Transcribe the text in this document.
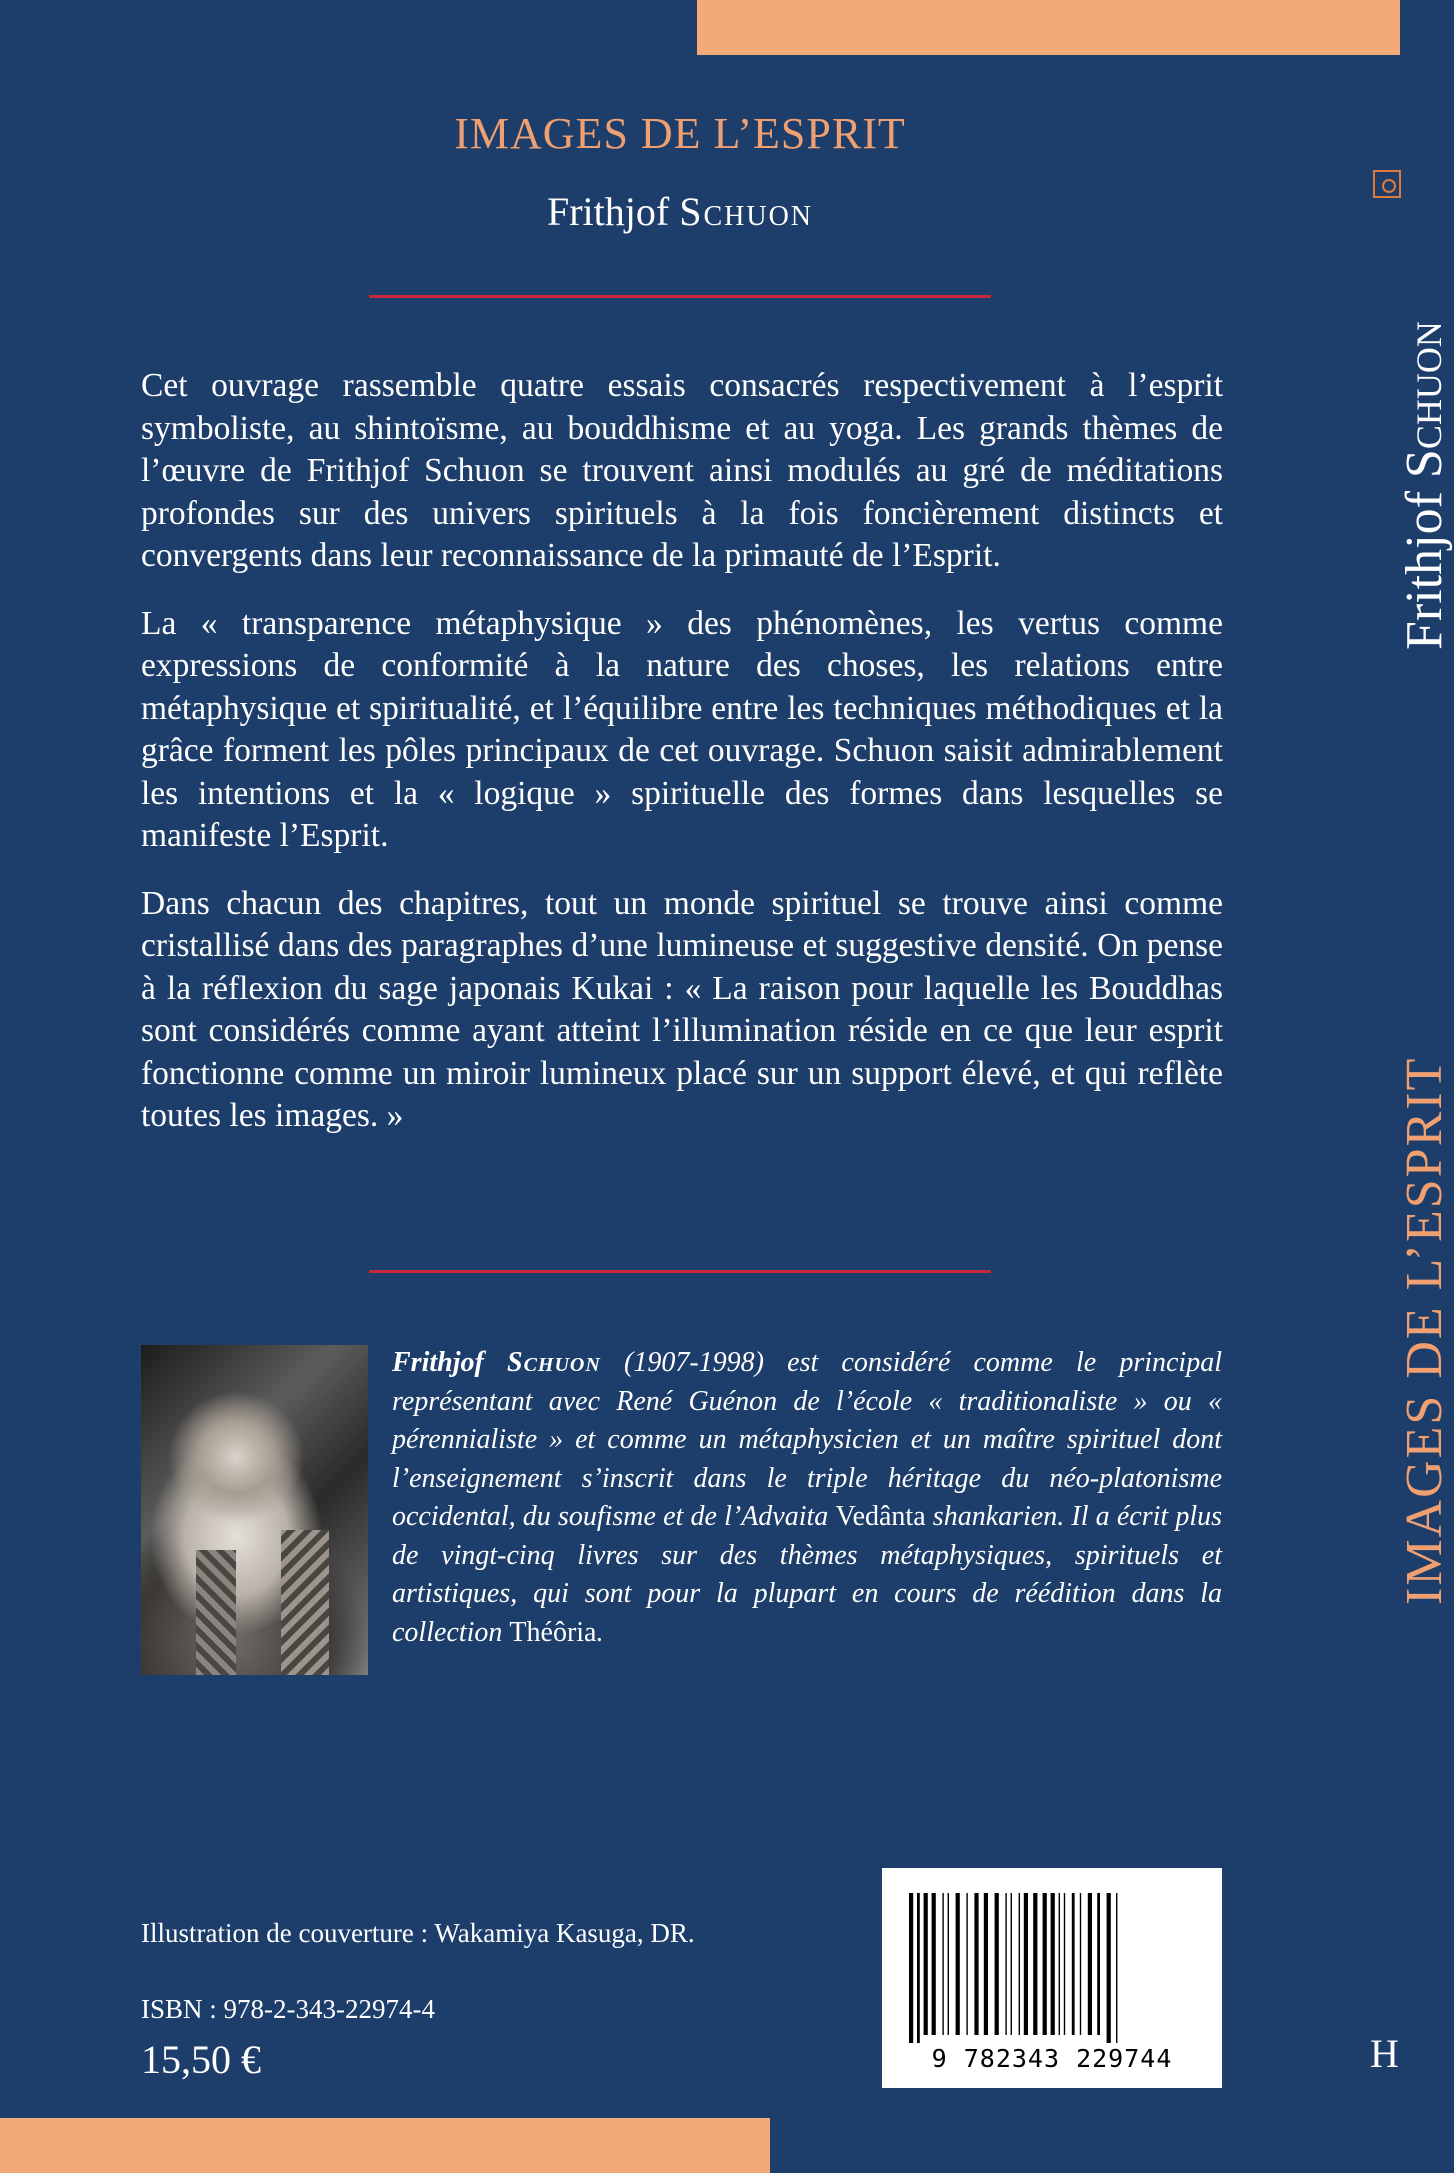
IMAGES DE L’ESPRIT
Frithjof Schuon

Cet ouvrage rassemble quatre essais consacrés respectivement à l’esprit symboliste, au shintoïsme, au bouddhisme et au yoga. Les grands thèmes de l’œuvre de Frithjof Schuon se trouvent ainsi modulés au gré de méditations profondes sur des univers spirituels à la fois foncièrement distincts et convergents dans leur reconnaissance de la primauté de l’Esprit.

La « transparence métaphysique » des phénomènes, les vertus comme expressions de conformité à la nature des choses, les relations entre métaphysique et spiritualité, et l’équilibre entre les techniques méthodiques et la grâce forment les pôles principaux de cet ouvrage. Schuon saisit admirablement les intentions et la « logique » spirituelle des formes dans lesquelles se manifeste l’Esprit.

Dans chacun des chapitres, tout un monde spirituel se trouve ainsi comme cristallisé dans des paragraphes d’une lumineuse et suggestive densité. On pense à la réflexion du sage japonais Kukai : « La raison pour laquelle les Bouddhas sont considérés comme ayant atteint l’illumination réside en ce que leur esprit fonctionne comme un miroir lumineux placé sur un support élevé, et qui reflète toutes les images. »

Frithjof Schuon (1907-1998) est considéré comme le principal représentant avec René Guénon de l’école « traditionaliste » ou « pérennialiste » et comme un métaphysicien et un maître spirituel dont l’enseignement s’inscrit dans le triple héritage du néo-platonisme occidental, du soufisme et de l’Advaita Vedânta shankarien. Il a écrit plus de vingt-cinq livres sur des thèmes métaphysiques, spirituels et artistiques, qui sont pour la plupart en cours de réédition dans la collection Théôria.
Illustration de couverture : Wakamiya Kasuga, DR.
ISBN : 978-2-343-22974-4
15,50 €	9 782343 229744
Frithjof Schuon
IMAGES DE L’ESPRIT
H
